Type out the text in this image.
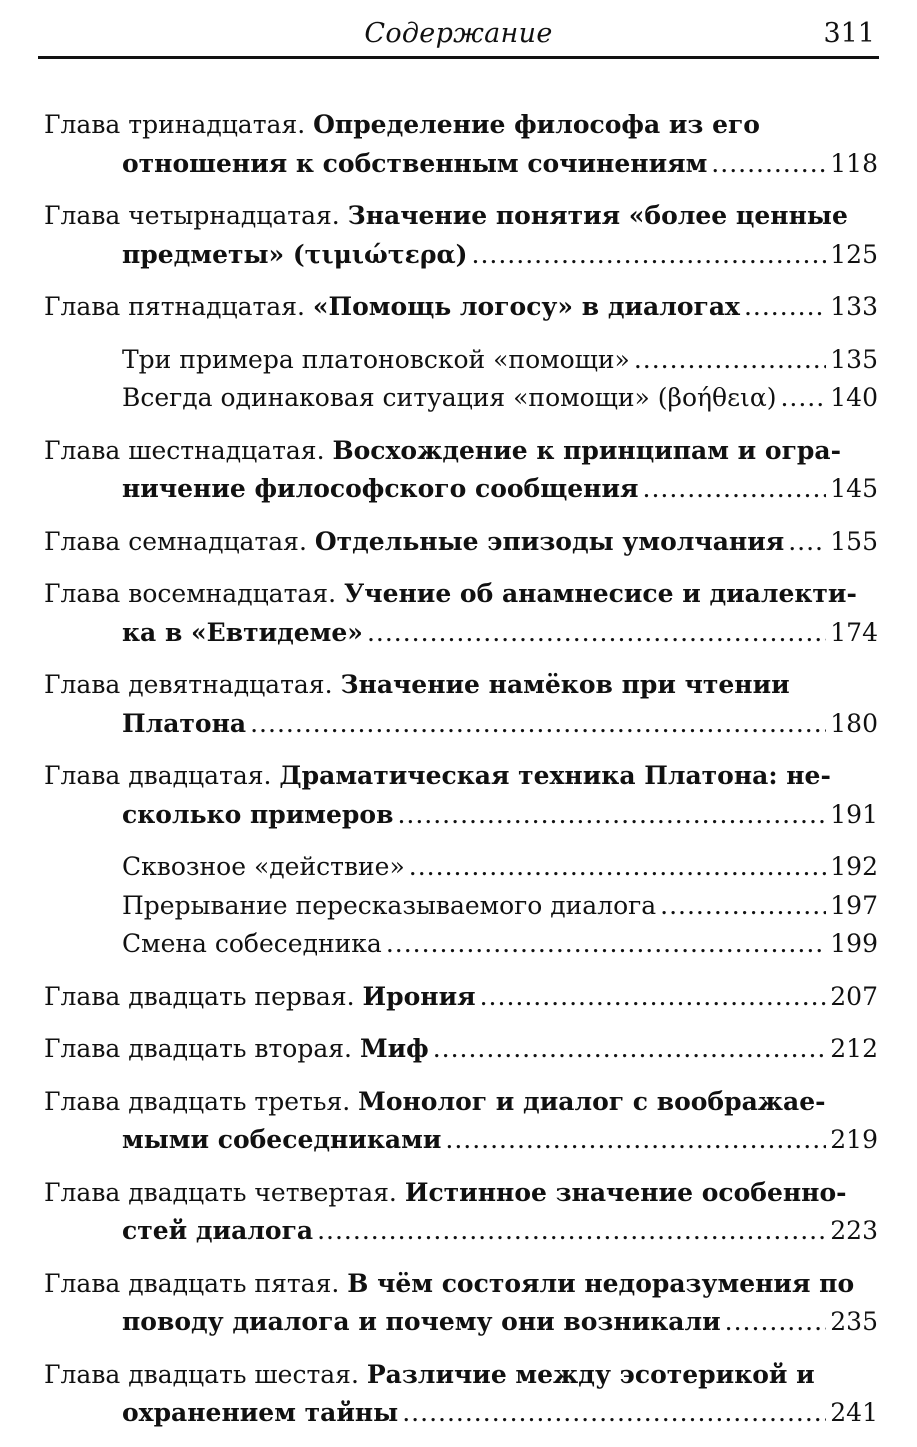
Содержание	311
Глава тринадцатая. Определение философа из его
отношения к собственным сочинениям .....	118
Глава четырнадцатая. Значение понятия «более ценные
предметы» (τιμιώτερα) .....	125
Глава пятнадцатая.
«Помощь логосу» в диалогах .....	133
Три примера платоновской «помощи» .....	135
Всегда одинаковая ситуация «помощи» (βοήθεια) ..... 140
Глава шестнадцатая. Восхождение к принципам и огра-
ничение философского сообщения .....	145
Глава семнадцатая.
Отдельные эпизоды умолчания ..... 155
Глава восемнадцатая. Учение об анамнесисе и диалекти-
ка в «Евтидеме» .....	174
Глава девятнадцатая. Значение намёков при чтении
Платона .....	180
Глава двадцатая. Драматическая техника Платона: не-
сколько примеров .....	191
Сквозное «действие» .....	192
Прерывание пересказываемого диалога .....	197
Смена собеседника .....	199
Глава двадцать первая.
Ирония .....	207
Глава двадцать вторая.
Миф .....	212
Глава двадцать третья. Монолог и диалог с воображае-
мыми собеседниками .....	219
Глава двадцать четвертая. Истинное значение особенно-
стей диалога .....	223
Глава двадцать пятая. В чём состояли недоразумения по
поводу диалога и почему они возникали .....	235
Глава двадцать шестая. Различие между эсотерикой и
охранением тайны .....	241
